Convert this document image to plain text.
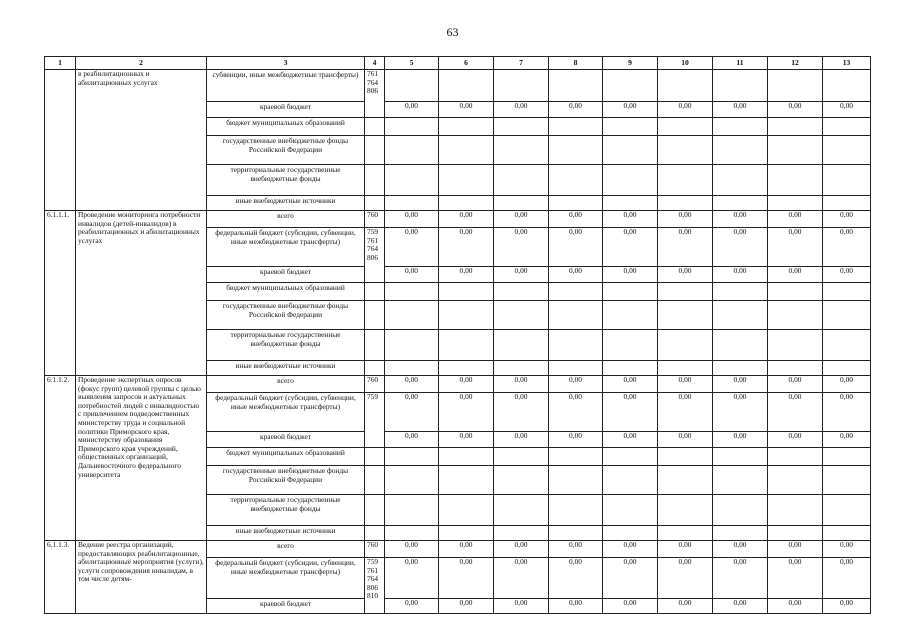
63
1	2	3	4	5	6	7	8	9	10	11	12	13
	в реабилитационных и абилитационных услугах	субвенции, иные межбюджетные трансферты)	761
764
806									
		краевой бюджет		0,00	0,00	0,00	0,00	0,00	0,00	0,00	0,00	0,00
		бюджет муниципальных образований										
		государственные внебюджетные фонды Российской Федерации										
		территориальные государственные внебюджетные фонды										
		иные внебюджетные источники										
6.1.1.1.	Проведение мониторинга потребности инвалидов (детей-инвалидов) в реабилитационных и абилитационных услугах	всего	760	0,00	0,00	0,00	0,00	0,00	0,00	0,00	0,00	0,00
		федеральный бюджет (субсидии, субвенции, иные межбюджетные трансферты)	759
761
764
806	0,00	0,00	0,00	0,00	0,00	0,00	0,00	0,00	0,00
		краевой бюджет		0,00	0,00	0,00	0,00	0,00	0,00	0,00	0,00	0,00
		бюджет муниципальных образований										
		государственные внебюджетные фонды Российской Федерации										
		территориальные государственные внебюджетные фонды										
		иные внебюджетные источники										
6.1.1.2.	Проведение экспертных опросов (фокус групп) целевой группы с целью выявления запросов и актуальных потребностей людей с инвалидностью с привлечением подведомственных министерству труда и социальной политики Приморского края, министерству образования Приморского края учреждений, общественных организаций, Дальневосточного федерального университета	всего	760	0,00	0,00	0,00	0,00	0,00	0,00	0,00	0,00	0,00
		федеральный бюджет (субсидии, субвенции, иные межбюджетные трансферты)	759	0,00	0,00	0,00	0,00	0,00	0,00	0,00	0,00	0,00
		краевой бюджет		0,00	0,00	0,00	0,00	0,00	0,00	0,00	0,00	0,00
		бюджет муниципальных образований										
		государственные внебюджетные фонды Российской Федерации										
		территориальные государственные внебюджетные фонды										
		иные внебюджетные источники										
6.1.1.3.	Ведение реестра организаций, предоставляющих реабилитационные, абилитационные мероприятия (услуги), услуги сопровождения инвалидам, в том числе детям-	всего	760	0,00	0,00	0,00	0,00	0,00	0,00	0,00	0,00	0,00
		федеральный бюджет (субсидии, субвенции, иные межбюджетные трансферты)	759
761
764
806
810	0,00	0,00	0,00	0,00	0,00	0,00	0,00	0,00	0,00
		краевой бюджет		0,00	0,00	0,00	0,00	0,00	0,00	0,00	0,00	0,00
